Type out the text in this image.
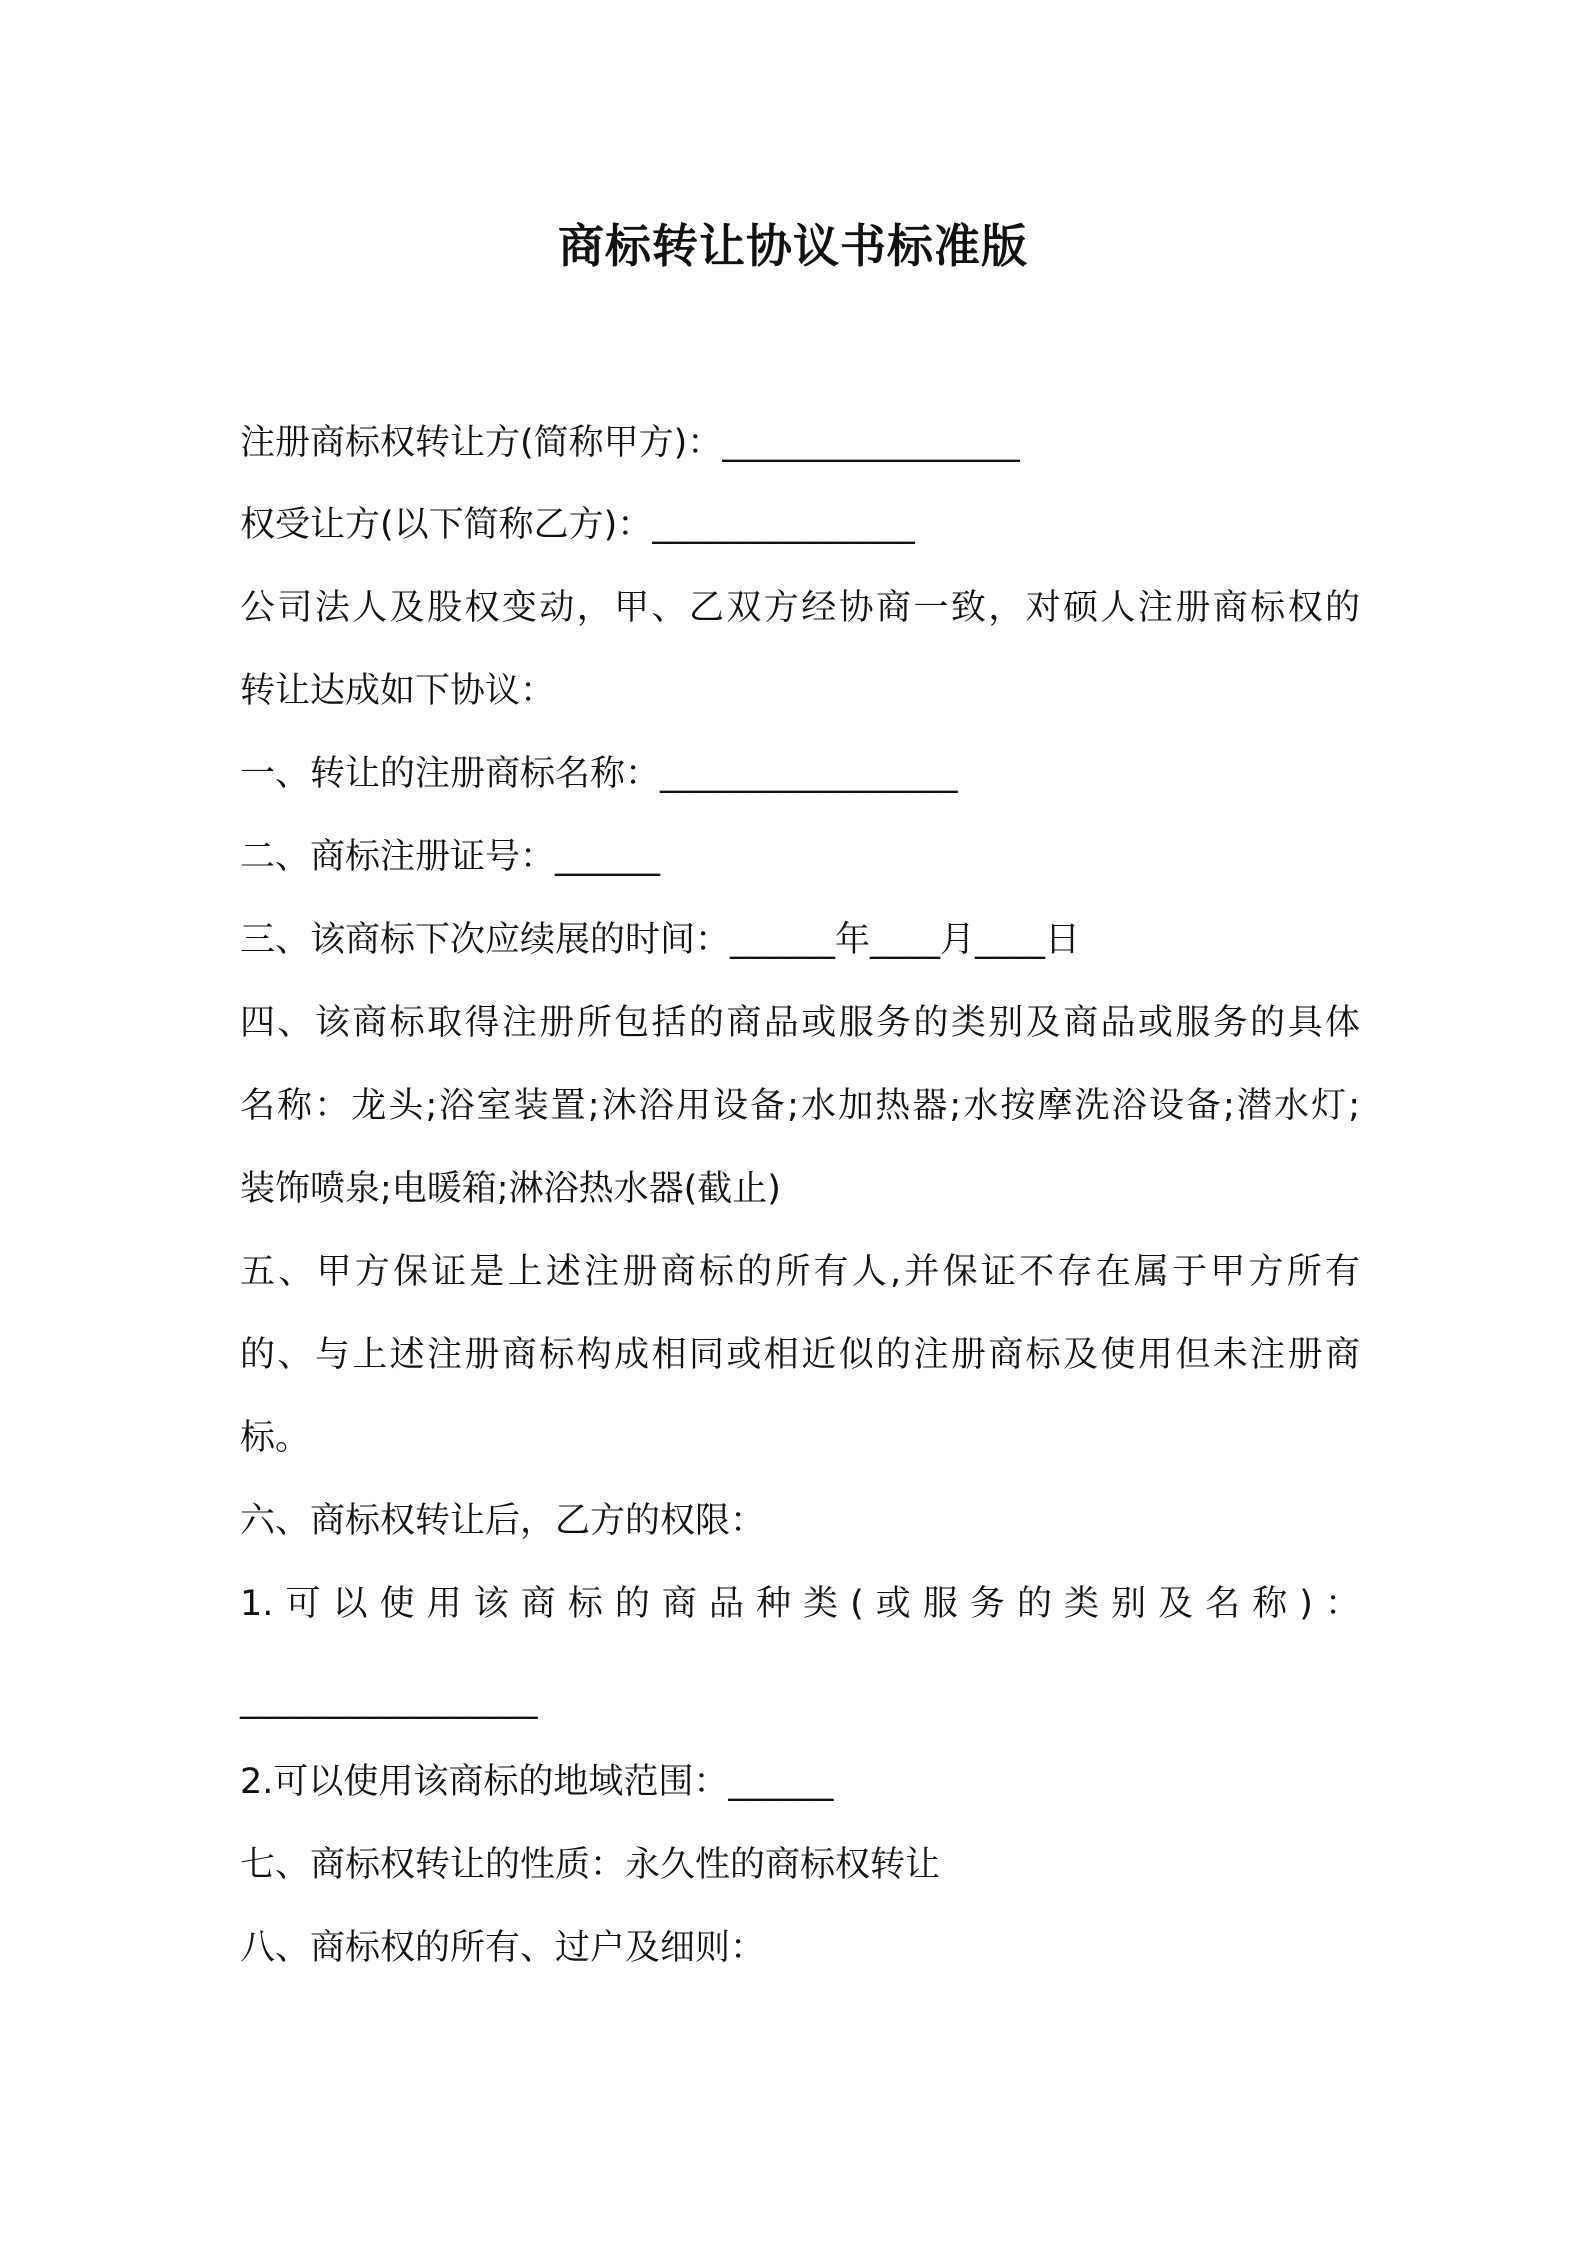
商标转让协议书标准版
注册商标权转让方(简称甲方)：_________________
权受让方(以下简称乙方)：_______________
公司法人及股权变动，甲、乙双方经协商一致，对硕人注册商标权的
转让达成如下协议：
一、转让的注册商标名称：_________________
二、商标注册证号：______
三、该商标下次应续展的时间：______年____月____日
四、该商标取得注册所包括的商品或服务的类别及商品或服务的具体
名称：龙头;浴室装置;沐浴用设备;水加热器;水按摩洗浴设备;潜水灯;
装饰喷泉;电暖箱;淋浴热水器(截止)
五、甲方保证是上述注册商标的所有人,并保证不存在属于甲方所有
的、与上述注册商标构成相同或相近似的注册商标及使用但未注册商
标。
六、商标权转让后，乙方的权限：
1.可以使用该商标的商品种类(或服务的类别及名称)：
_________________
2.可以使用该商标的地域范围：______
七、商标权转让的性质：永久性的商标权转让
八、商标权的所有、过户及细则：
